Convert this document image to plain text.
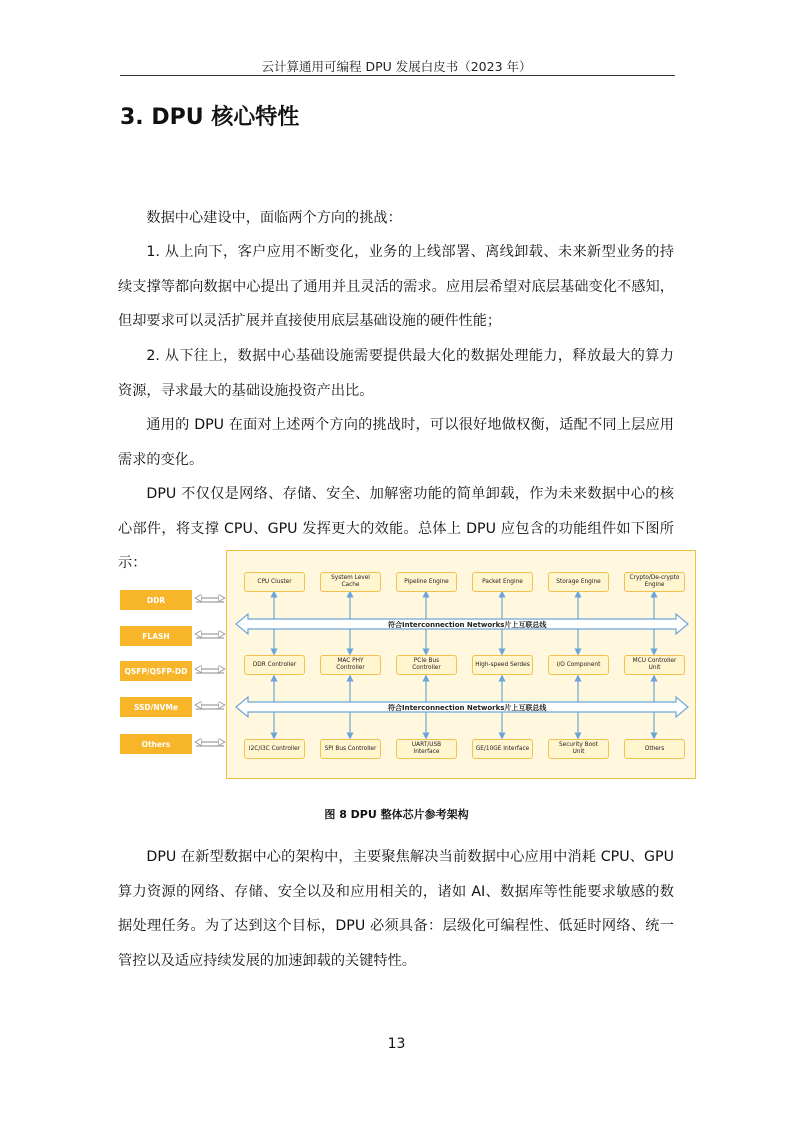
云计算通用可编程 DPU 发展白皮书（2023 年）
3. DPU 核心特性

数据中心建设中，面临两个方向的挑战：

1. 从上向下，客户应用不断变化，业务的上线部署、离线卸载、未来新型业务的持续支撑等都向数据中心提出了通用并且灵活的需求。应用层希望对底层基础变化不感知，但却要求可以灵活扩展并直接使用底层基础设施的硬件性能；

2. 从下往上，数据中心基础设施需要提供最大化的数据处理能力，释放最大的算力资源，寻求最大的基础设施投资产出比。

通用的 DPU 在面对上述两个方向的挑战时，可以很好地做权衡，适配不同上层应用需求的变化。

DPU 不仅仅是网络、存储、安全、加解密功能的简单卸载，作为未来数据中心的核心部件，将支撑 CPU、GPU 发挥更大的效能。总体上 DPU 应包含的功能组件如下图所示：

DDR
FLASH
QSFP/QSFP-DD
SSD/NVMe
Others
CPU Cluster
System Level
Cache
Pipeline Engine	Packet Engine	Storage Engine
Crypto/De-crypto
Engine
符合Interconnection Networks片上互联总线
DDR Controller
MAC PHY
Controller
PCIe Bus
Controller
High-speed Serdes	I/O Component
MCU Controller
Unit
符合Interconnection Networks片上互联总线
I2C/I3C Controller	SPI Bus Controller
UART/USB
Interface
GE/10GE Interface
Security Boot
Unit
Others
图 8 DPU 整体芯片参考架构

DPU 在新型数据中心的架构中，主要聚焦解决当前数据中心应用中消耗 CPU、GPU 算力资源的网络、存储、安全以及和应用相关的，诸如 AI、数据库等性能要求敏感的数据处理任务。为了达到这个目标，DPU 必须具备：层级化可编程性、低延时网络、统一管控以及适应持续发展的加速卸载的关键特性。

13
